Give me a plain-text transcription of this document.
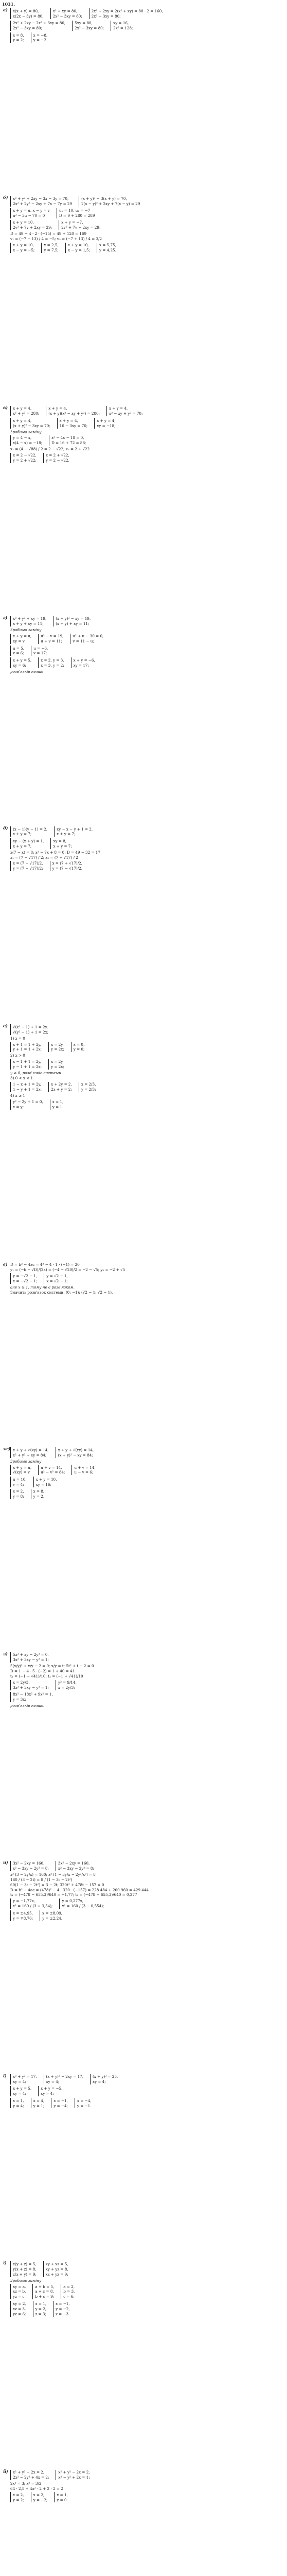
1031.
а) x(x + y) = 80,
x(2x − 3y) = 80;
x² + xy = 80,
2x² − 3xy = 80;
2x² + 2xy = 2(x² + xy) = 80 · 2 = 160,
2x² − 3xy = 80;
2x² + 2xy − 2x² + 3xy = 80,
2x² − 3xy = 80;
5xy = 80,
2x² − 3xy = 80;
xy = 16,
2x² = 128;
x = 8,
y = 2;
x = −8,
y = −2.
б) x² + y² + 2xy − 3x − 3y = 70,
2x² + 2y² − 2xy + 7x − 7y = 29
(x + y)² − 3(x + y) = 70,
2(x − y)² + 2xy + 7(x − y) = 29
x + y = u, x − y = v
u² − 3u − 70 = 0
u₁ = 10, u₂ = −7
D = 9 + 280 = 289
x + y = 10,
2v² + 7v + 2xy = 29;
x + y = −7,
2v² + 7v + 2xy = 29;
D = 49 − 4 · 2 · (−15) = 49 + 120 = 169
v₁ = (−7 − 13) / 4 = −5; v₂ = (−7 + 13) / 4 = 3/2
x + y = 10,
x − y = −5;
x = 2,5,
y = 7,5;
x + y = 10,
x − y = 1,5;
x = 5,75,
y = 4,25.
в) x + y = 4,
x³ + y³ = 280;
x + y = 4,
(x + y)(x² − xy + y²) = 280;
x + y = 4,
x² − xy + y² = 70;
x + y = 4,
(x + y)² − 3xy = 70;
x + y = 4,
16 − 3xy = 70;
x + y = 4,
xy = −18;
Зробимо заміну
y = 4 − x,
x(4 − x) = −18;
x² − 4x − 18 = 0,
D = 16 + 72 = 88;
x₁ = (4 − √88) / 2 = 2 − √22; x₂ = 2 + √22
x = 2 − √22,
y = 2 + √22;
x = 2 + √22,
y = 2 − √22.
г) x² + y² + xy = 19,
x + y + xy = 11;
(x + y)² − xy = 19,
(x + y) + xy = 11;
Зробимо заміну
x + y = u,
xy = v
u² − v = 19,
u + v = 11;
u² + u − 30 = 0,
v = 11 − u;
u = 5,
v = 6;
u = −6,
v = 17;
x + y = 5,
xy = 6;
x = 2, y = 3,
x = 3, y = 2;
x + y = −6,
xy = 17;
розв'язків немає
д) (x − 1)(y − 1) = 2,
x + y = 7;
xy − x − y + 1 = 2,
x + y = 7;
xy − (x + y) = 1,
x + y = 7;
xy = 8,
x + y = 7;
x(7 − x) = 8; x² − 7x + 8 = 0; D = 49 − 32 = 17
x₁ = (7 − √17) / 2; x₂ = (7 + √17) / 2
x = (7 − √17)/2,
y = (7 + √17)/2;
x = (7 + √17)/2,
y = (7 − √17)/2.
е) √(x² − 1) + 1 = 2y,
√(y² − 1) + 1 = 2x;
1) x = 0
x + 1 = 1 + 2y,
y + 1 = 1 + 2x;
x = 2y,
y = 2x;
x = 0,
y = 0;
2) x > 0
x − 1 + 1 = 2y,
y − 1 + 1 = 2x;
x = 2y,
y = 2x;
y ≠ 0, розв'язків системи
3) 0 < x < 1
1 − x + 1 = 2y,
1 − y + 1 = 2x;
x + 2y = 2,
2x + y = 2;
x = 2/3,
y = 2/3;
4) x ≥ 1
y² − 2y + 1 = 0,
x = y;
x = 1,
y = 1.
є) D = b² − 4ac = 4² − 4 · 1 · (−1) = 20
y₁ = (−b − √D)/(2a) = (−4 − √20)/2 = −2 − √5; y₂ = −2 + √5
y = −√2 − 1,
x = −√2 − 1;
y = √2 − 1,
x = √2 − 1;
але x ≥ 1, тому не є розв'язком.
Значить розв'язок системи: (0; −1); (√2 − 1; √2 − 1).
ж) x + y + √(xy) = 14,
x² + y² + xy = 84;
x + y + √(xy) = 14,
(x + y)² − xy = 84;
Зробимо заміну
x + y = u,
√(xy) = v
u + v = 14,
u² − v² = 84;
u + v = 14,
u − v = 6;
u = 10,
v = 4;
x + y = 10,
xy = 16;
x = 2,
y = 8;
x = 8,
y = 2.
з) 5x² + xy − 2y² = 0,
3x² + 3xy − y² = 1;
5(x/y)² + x/y − 2 = 0; x/y = t; 5t² + t − 2 = 0
D = 1 − 4 · 5 · (−2) = 1 + 40 = 41
t₁ = (−1 − √41)/10; t₂ = (−1 + √41)/10
x = 2y/3,
3x² + 3xy − y² = 1;
y² = 9/14,
x = 2y/3;
8x² − 18x² + 9x² = 1,
y = 3x;
розв'язків немає.
и) 3x² − 2xy = 160,
x² − 3xy − 2y² = 8;
3x² − 2xy = 160,
x² − 3xy − 2y² = 8;
x² (3 − 2y/x) = 160; x² (1 − 3y/x − 2y²/x²) = 8
160 / (3 − 2t) = 8 / (1 − 3t − 2t²)
60(1 − 3t − 2t²) = 3 − 2t; 320t² + 478t − 157 = 0
D = b² − 4ac = (478)² − 4 · 320 · (−157) = 228 484 + 200 960 = 429 444
t₁ = (−478 − 655,3)/640 = −1,77; t₂ = (−478 + 655,3)/640 = 0,277
y = −1,77x,
x² = 160 / (3 + 3,54);
y = 0,277x,
x² = 160 / (3 − 0,554);
x = ±4,95,
y = ∓8,76;
x = ±8,09,
y = ±2,24.
і) x² + y² = 17,
xy = 4;
(x + y)² − 2xy = 17,
xy = 4;
(x + y)² = 25,
xy = 4;
x + y = 5,
xy = 4;
x + y = −5,
xy = 4;
x = 1,
y = 4;
x = 4,
y = 1;
x = −1,
y = −4;
x = −4,
y = −1.
ї) x(y + z) = 5,
y(x + z) = 8,
z(x + y) = 9;
xy + xz = 5,
xy + yz = 8,
xz + yz = 9;
Зробимо заміну
xy = a,
xz = b,
yz = c
a + b = 5,
a + c = 8,
b + c = 9;
a = 2,
b = 3,
c = 6;
xy = 2,
xz = 3,
yz = 6;
x = 1,
y = 2,
z = 3;
x = −1,
y = −2,
z = −3.
й) x² + y² − 2x = 2,
2x² − 2y² + 4x = 2;
x² + y² − 2x = 2,
x² − y² + 2x = 1;
2x² = 3; x² = 3/2
64 · 2,5 + 4x² · 2 + 2 · 2 = 2
x = 2,
y = 2;
x = 2,
y = −2;
x = 1,
y = 0.
